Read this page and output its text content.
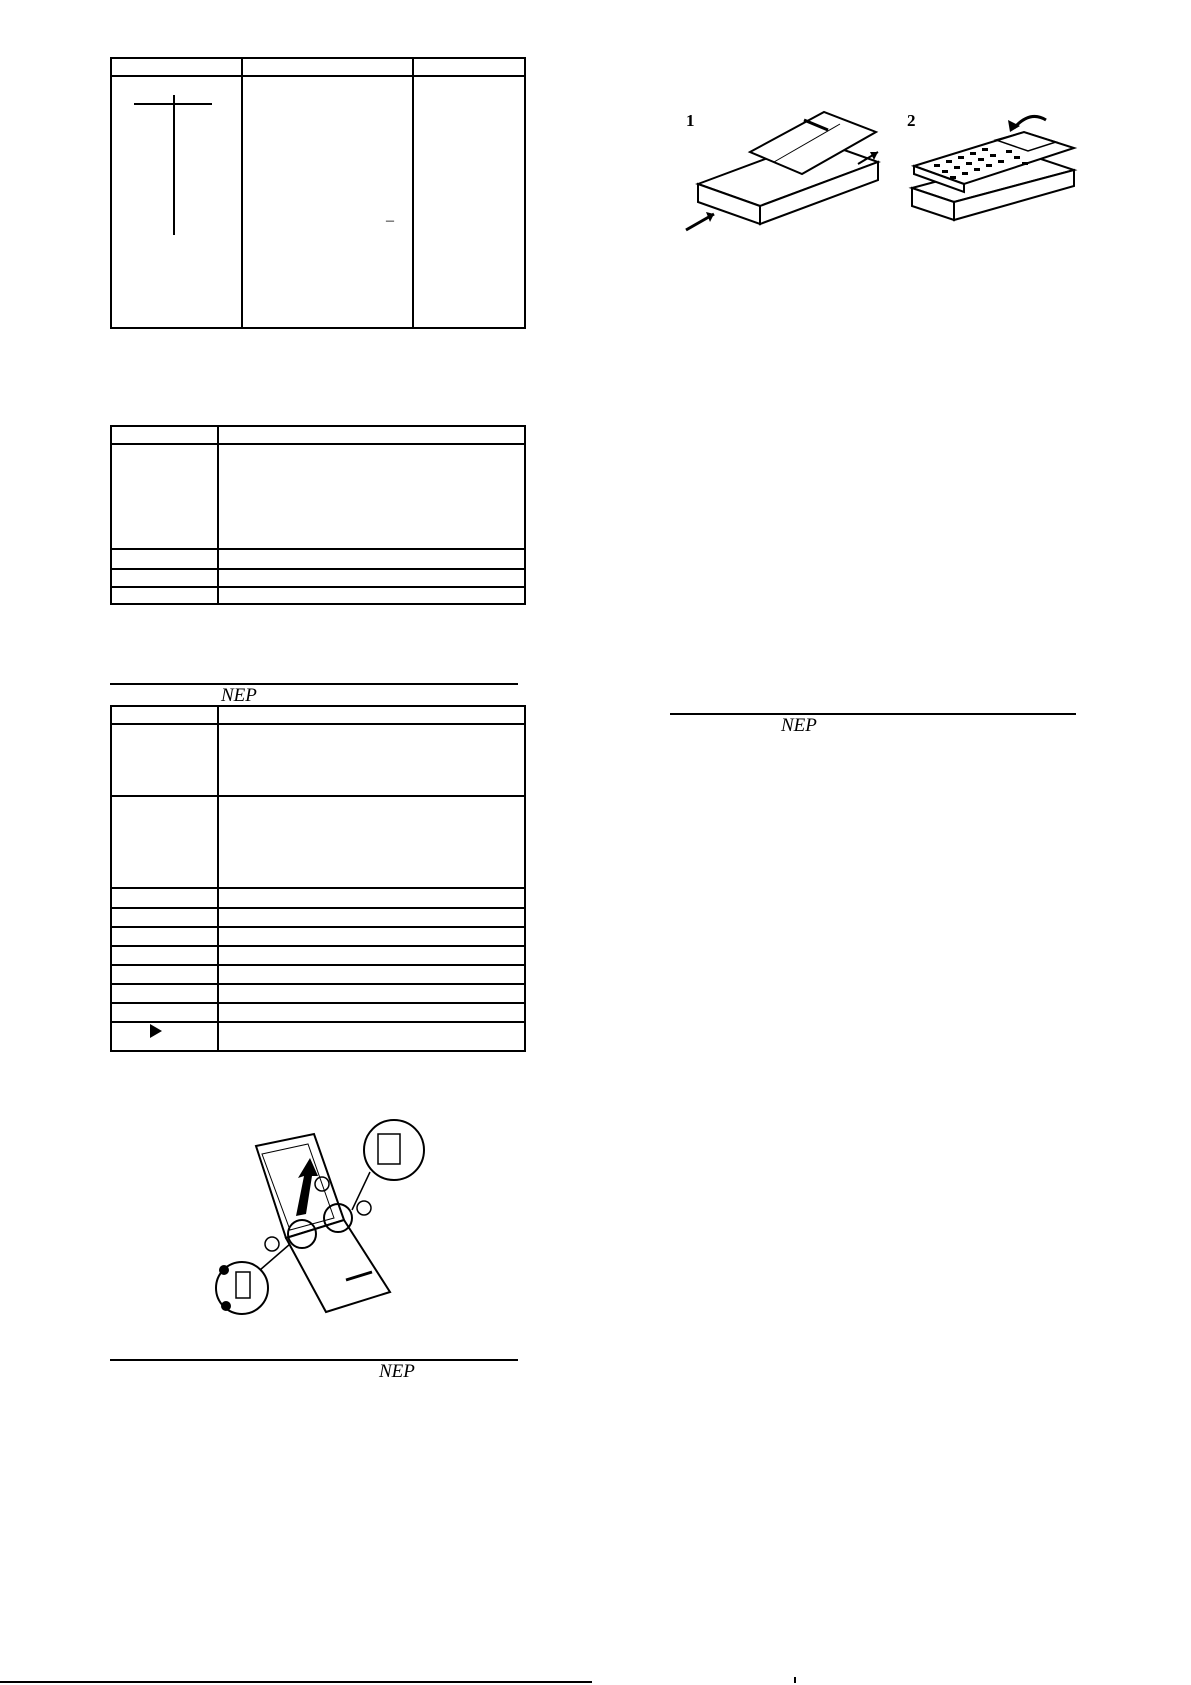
–
NEP
NEP
1	2
NEP
